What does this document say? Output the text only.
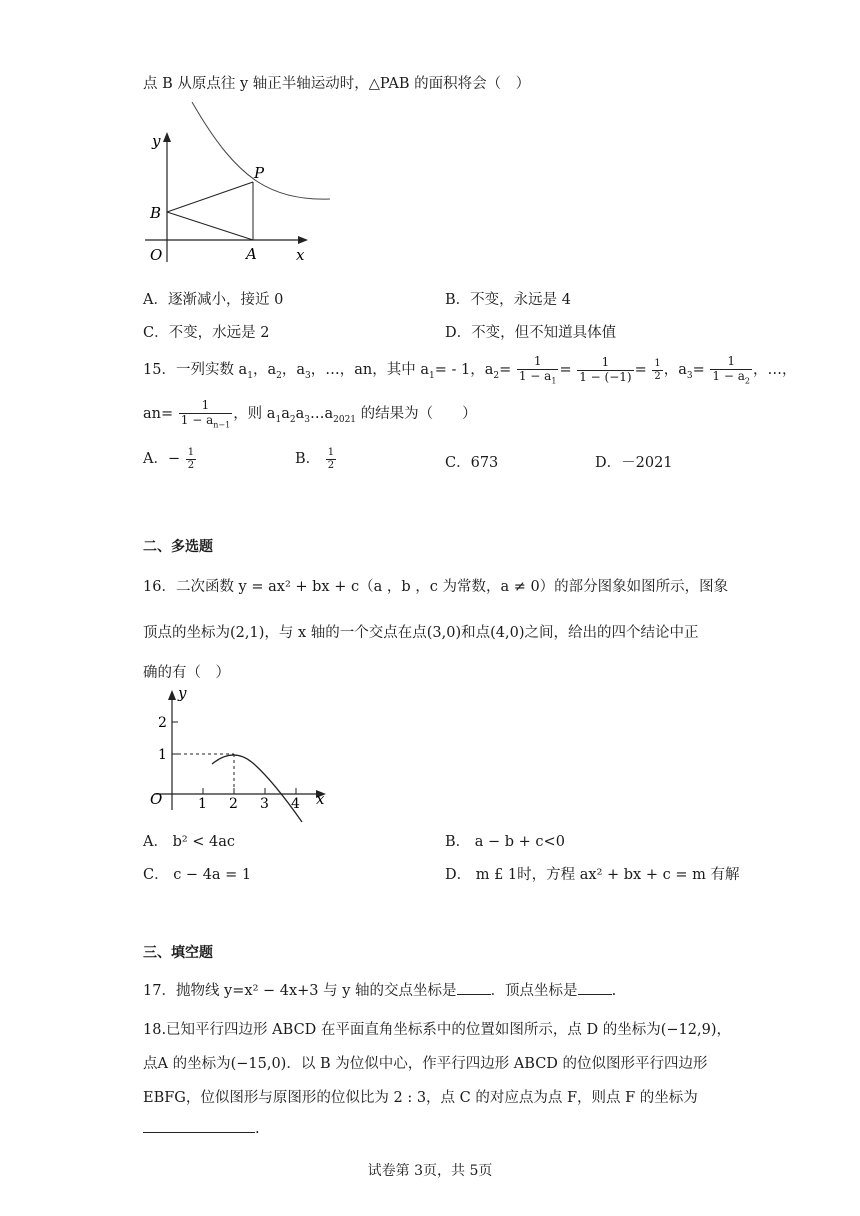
点 B 从原点往 y 轴正半轴运动时，△PAB 的面积将会（　）
y
x
O
P
A
B
A．逐渐减小，接近 0	B．不变，永远是 4
C．不变，水远是 2	D．不变，但不知道具体值
15．一列实数 $a_1$，$a_2$，$a_3$，…，an，其中 $a_1= - 1$，$a_2= \frac{1}{1 - a_1} = \frac{1}{1 - (-1)} = \frac{1}{2}$ ，$a_3= \frac{1}{1 - a_2}$ ，…，
$an= \frac{1}{1 - a_{n-1}}$ ，则 $a_1a_2a_3\dots a_{2021}$ 的结果为（　　）
A．− $\frac{1}{2}$	B． $\frac{1}{2}$	C．673	D．－2021
二、多选题
16．二次函数 y = ax² + bx + c（a ，b ，c 为常数，a ≠ 0）的部分图象如图所示，图象
顶点的坐标为(2,1)，与 x 轴的一个交点在点(3,0)和点(4,0)之间，给出的四个结论中正
确的有（　）
y
x
O	1 2 3 4
1
2
A． b² < 4ac	B． a − b + c<0
C． c − 4a = 1	D． m £ 1时，方程 ax² + bx + c = m 有解
三、填空题
17．抛物线 y=x² − 4x+3 与 y 轴的交点坐标是 ．顶点坐标是 .
18.已知平行四边形 ABCD 在平面直角坐标系中的位置如图所示，点 D 的坐标为(−12,9)，
点A 的坐标为(−15,0)．以 B 为位似中心，作平行四边形 ABCD 的位似图形平行四边形
EBFG，位似图形与原图形的位似比为 2 : 3，点 C 的对应点为点 F，则点 F 的坐标为
.
试卷第 3页，共 5页
